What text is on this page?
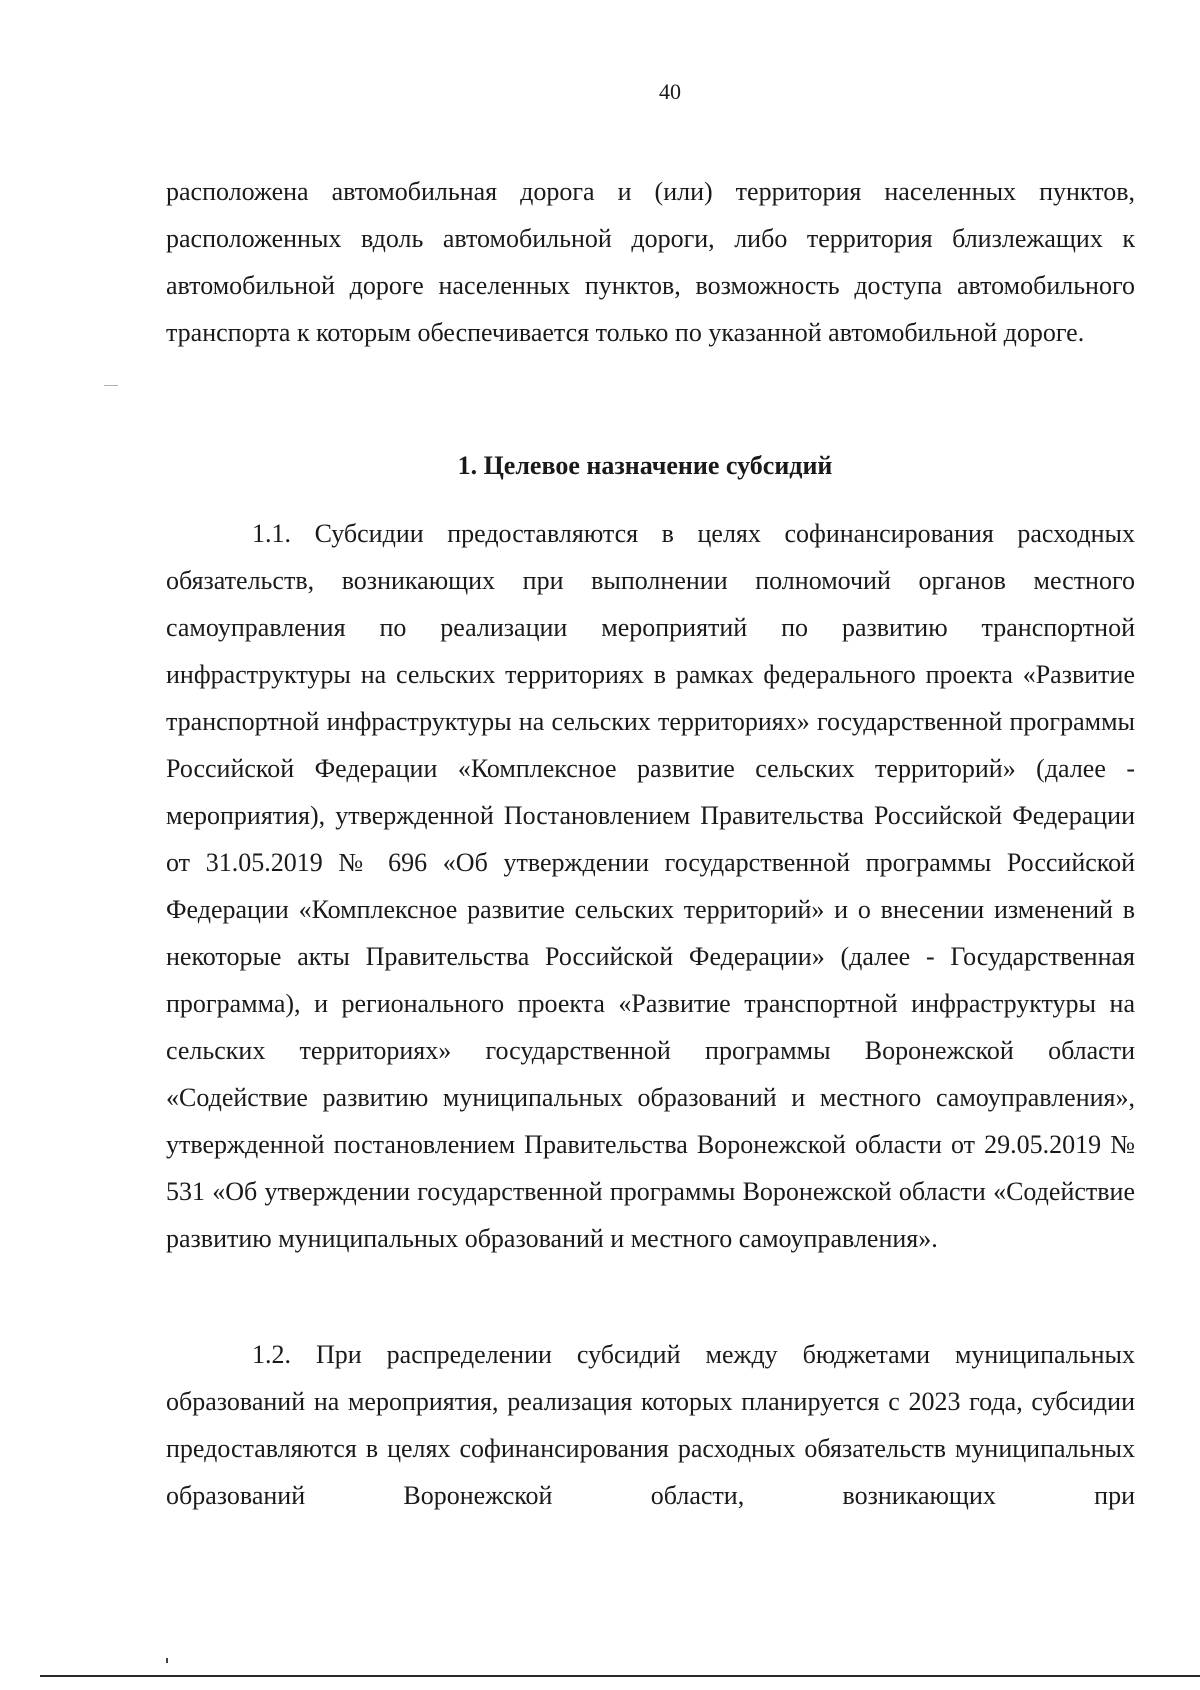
40

расположена автомобильная дорога и (или) территория населенных пунктов, расположенных вдоль автомобильной дороги, либо территория близлежащих к автомобильной дороге населенных пунктов, возможность доступа автомобильного транспорта к которым обеспечивается только по указанной автомобильной дороге.

1. Целевое назначение субсидий

1.1. Субсидии предоставляются в целях софинансирования расходных обязательств, возникающих при выполнении полномочий органов местного самоуправления по реализации мероприятий по развитию транспортной инфраструктуры на сельских территориях в рамках федерального проекта «Развитие транспортной инфраструктуры на сельских территориях» государственной программы Российской Федерации «Комплексное развитие сельских территорий» (далее - мероприятия), утвержденной Постановлением Правительства Российской Федерации от 31.05.2019 № 696 «Об утверждении государственной программы Российской Федерации «Комплексное развитие сельских территорий» и о внесении изменений в некоторые акты Правительства Российской Федерации» (далее - Государственная программа), и регионального проекта «Развитие транспортной инфраструктуры на сельских территориях» государственной программы Воронежской области «Содействие развитию муниципальных образований и местного самоуправления», утвержденной постановлением Правительства Воронежской области от 29.05.2019 № 531 «Об утверждении государственной программы Воронежской области «Содействие развитию муниципальных образований и местного самоуправления».

1.2. При распределении субсидий между бюджетами муниципальных образований на мероприятия, реализация которых планируется с 2023 года, субсидии предоставляются в целях софинансирования расходных обязательств муниципальных образований Воронежской области, возникающих при
